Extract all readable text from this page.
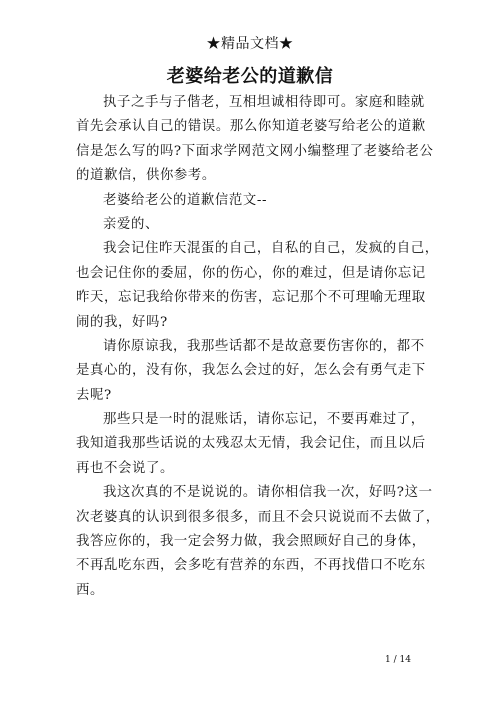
★精品文档★
老婆给老公的道歉信
执子之手与子偕老，互相坦诚相待即可。家庭和睦就
首先会承认自己的错误。那么你知道老婆写给老公的道歉
信是怎么写的吗?下面求学网范文网小编整理了老婆给老公
的道歉信，供你参考。
老婆给老公的道歉信范文--
亲爱的、
我会记住昨天混蛋的自己，自私的自己，发疯的自己，
也会记住你的委屈，你的伤心，你的难过，但是请你忘记
昨天，忘记我给你带来的伤害，忘记那个不可理喻无理取
闹的我，好吗?
请你原谅我，我那些话都不是故意要伤害你的，都不
是真心的，没有你，我怎么会过的好，怎么会有勇气走下
去呢?
那些只是一时的混账话，请你忘记，不要再难过了，
我知道我那些话说的太残忍太无情，我会记住，而且以后
再也不会说了。
我这次真的不是说说的。请你相信我一次，好吗?这一
次老婆真的认识到很多很多，而且不会只说说而不去做了，
我答应你的，我一定会努力做，我会照顾好自己的身体，
不再乱吃东西，会多吃有营养的东西，不再找借口不吃东
西。
1 / 14
